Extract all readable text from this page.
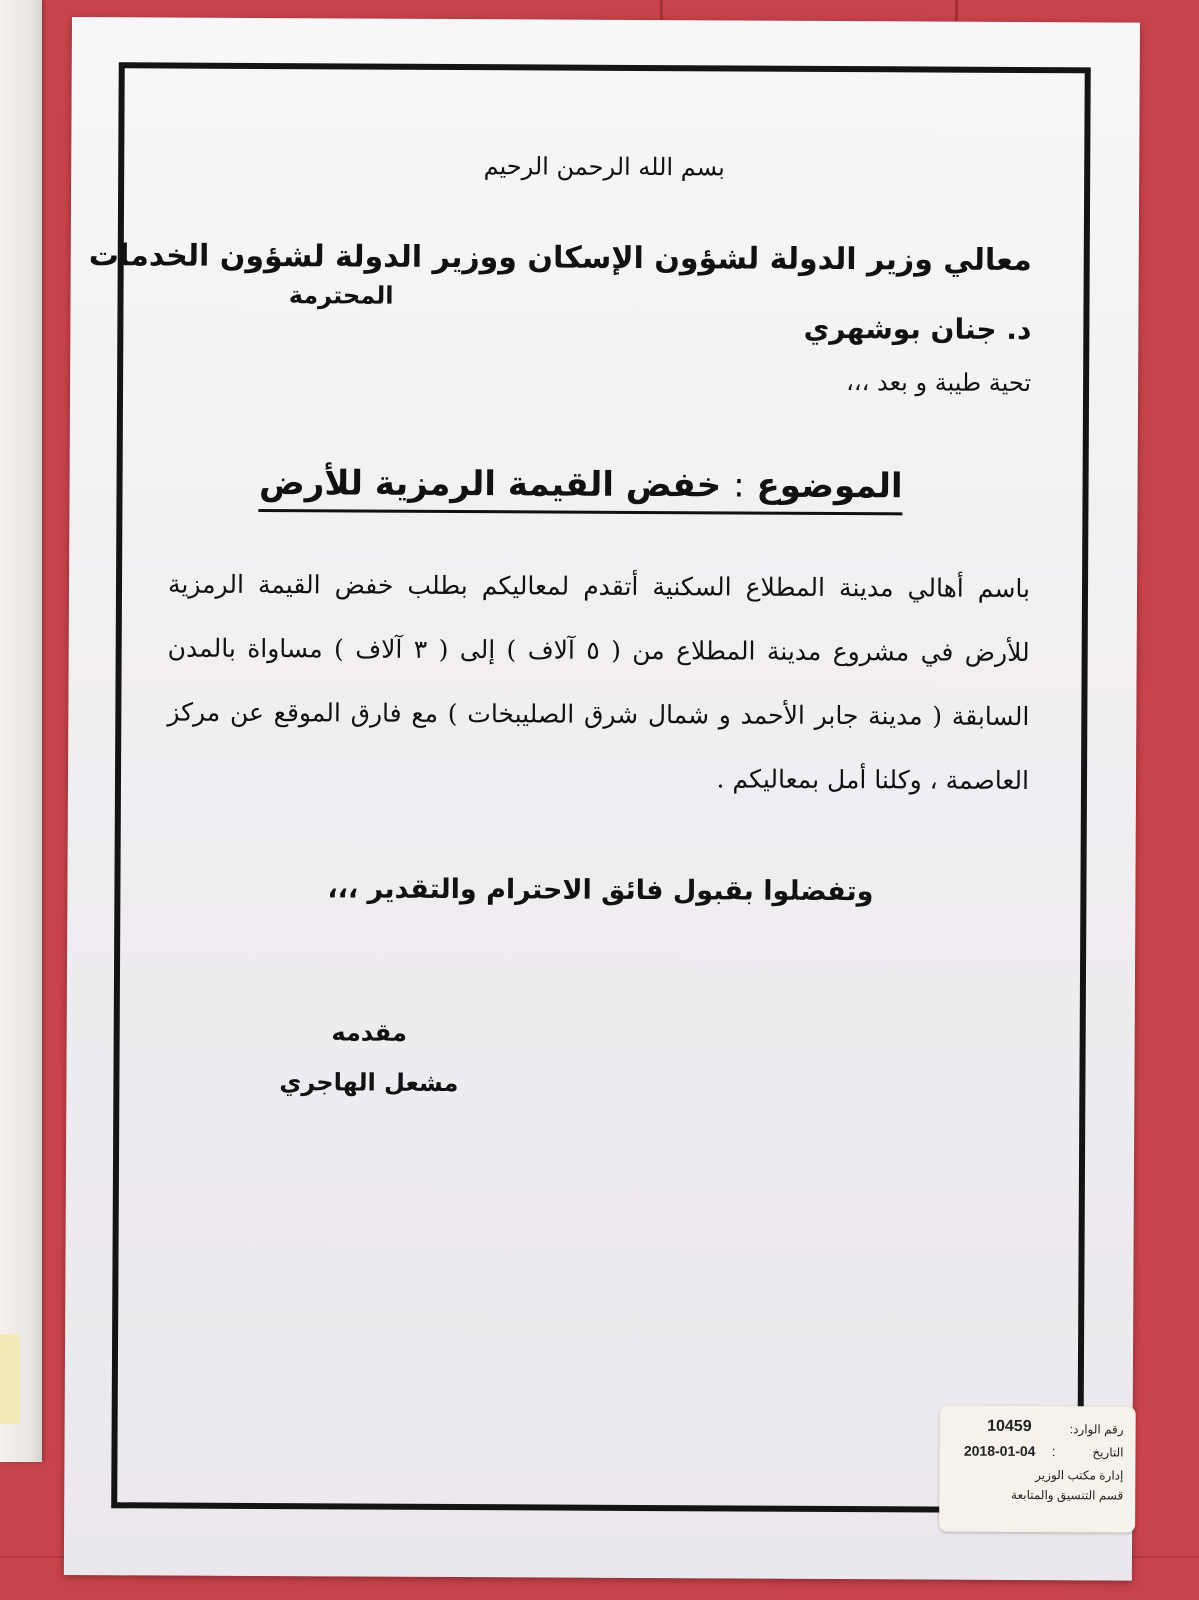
بسم الله الرحمن الرحيم
معالي وزير الدولة لشؤون الإسكان ووزير الدولة لشؤون الخدمات
المحترمة
د. جنان بوشهري
تحية طيبة و بعد ،،،
الموضوع:خفض القيمة الرمزية للأرض
باسم أهالي مدينة المطلاع السكنية أتقدم لمعاليكم بطلب خفض القيمة الرمزية للأرض في مشروع مدينة المطلاع من ( ٥ آلاف ) إلى ( ٣ آلاف ) مساواة بالمدن السابقة ( مدينة جابر الأحمد و شمال شرق الصليبخات ) مع فارق الموقع عن مركز العاصمة ، وكلنا أمل بمعاليكم .
وتفضلوا بقبول فائق الاحترام والتقدير ،،،
مقدمه
مشعل الهاجري
رقم الوارد:
10459
التاريخ
:
2018-01-04
إدارة مكتب الوزير
قسم التنسيق والمتابعة
